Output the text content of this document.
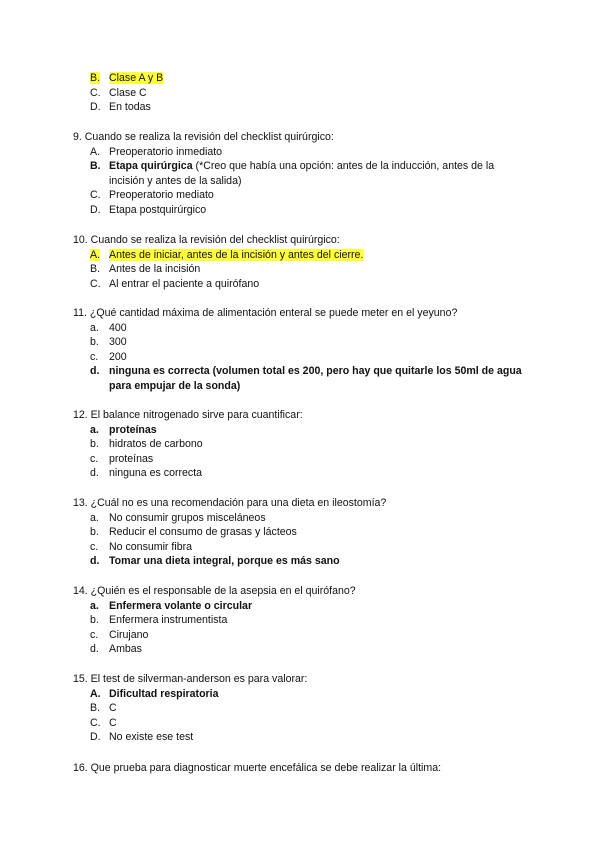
B. Clase A y B
C. Clase C
D. En todas

9. Cuando se realiza la revisión del checklist quirúrgico:

A. Preoperatorio inmediato
B. Etapa quirúrgica (*Creo que había una opción: antes de la inducción, antes de la incisión y antes de la salida)
C. Preoperatorio mediato
D. Etapa postquirúrgico

10. Cuando se realiza la revisión del checklist quirúrgico:

A. Antes de iniciar, antes de la incisión y antes del cierre.
B. Antes de la incisión
C. Al entrar el paciente a quirófano

11. ¿Qué cantidad máxima de alimentación enteral se puede meter en el yeyuno?

a. 400
b. 300
c.	200
d. ninguna es correcta (volumen total es 200, pero hay que quitarle los 50ml de agua para empujar de la sonda)

12. El balance nitrogenado sirve para cuantificar:

a. proteínas
b. hidratos de carbono
c.	proteínas
d. ninguna es correcta

13. ¿Cuál no es una recomendación para una dieta en ileostomía?

a. No consumir grupos misceláneos
b. Reducir el consumo de grasas y lácteos
c.	No consumir fibra
d. Tomar una dieta integral, porque es más sano

14. ¿Quién es el responsable de la asepsia en el quirófano?

a. Enfermera volante o circular
b. Enfermera instrumentista
c.	Cirujano
d. Ambas

15. El test de silverman-anderson es para valorar:

A. Dificultad respiratoria
B. C
C. C
D. No existe ese test

16. Que prueba para diagnosticar muerte encefálica se debe realizar la última:
